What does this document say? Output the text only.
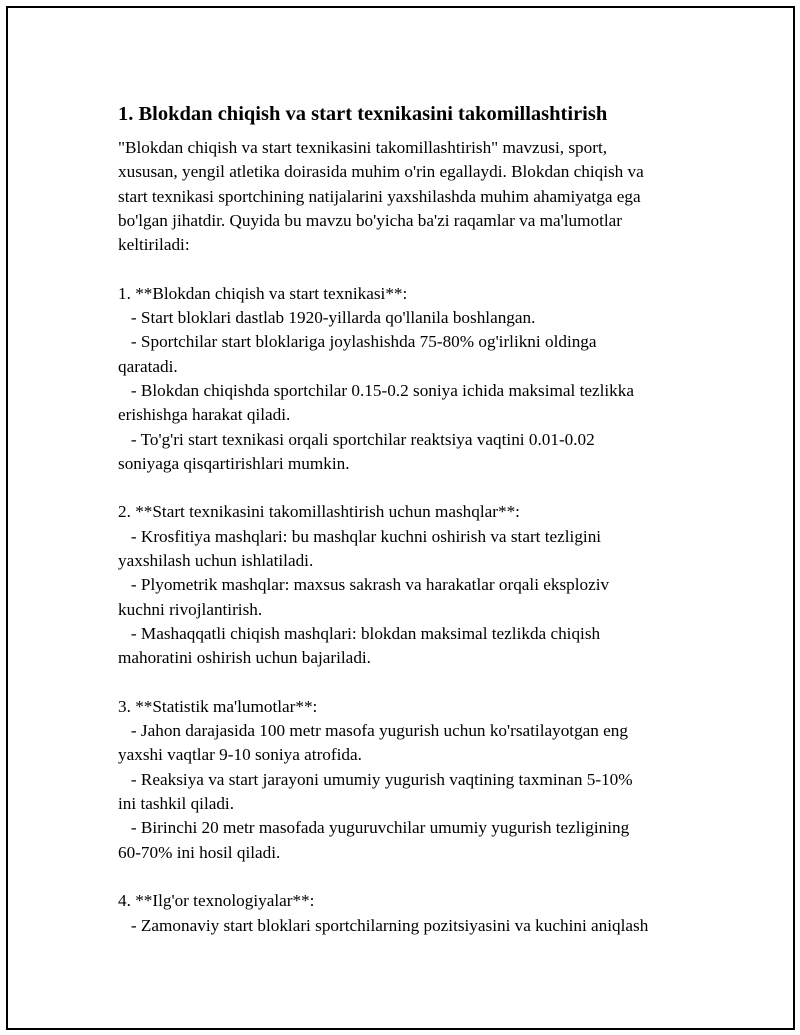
1. Blokdan chiqish va start texnikasini takomillashtirish
"Blokdan chiqish va start texnikasini takomillashtirish" mavzusi, sport,
xususan, yengil atletika doirasida muhim o'rin egallaydi. Blokdan chiqish va
start texnikasi sportchining natijalarini yaxshilashda muhim ahamiyatga ega
bo'lgan jihatdir. Quyida bu mavzu bo'yicha ba'zi raqamlar va ma'lumotlar
keltiriladi:
1. **Blokdan chiqish va start texnikasi**:
- Start bloklari dastlab 1920-yillarda qo'llanila boshlangan.
- Sportchilar start bloklariga joylashishda 75-80% og'irlikni oldinga
qaratadi.
- Blokdan chiqishda sportchilar 0.15-0.2 soniya ichida maksimal tezlikka
erishishga harakat qiladi.
- To'g'ri start texnikasi orqali sportchilar reaktsiya vaqtini 0.01-0.02
soniyaga qisqartirishlari mumkin.
2. **Start texnikasini takomillashtirish uchun mashqlar**:
- Krosfitiya mashqlari: bu mashqlar kuchni oshirish va start tezligini
yaxshilash uchun ishlatiladi.
- Plyometrik mashqlar: maxsus sakrash va harakatlar orqali eksploziv
kuchni rivojlantirish.
- Mashaqqatli chiqish mashqlari: blokdan maksimal tezlikda chiqish
mahoratini oshirish uchun bajariladi.
3. **Statistik ma'lumotlar**:
- Jahon darajasida 100 metr masofa yugurish uchun ko'rsatilayotgan eng
yaxshi vaqtlar 9-10 soniya atrofida.
- Reaksiya va start jarayoni umumiy yugurish vaqtining taxminan 5-10%
ini tashkil qiladi.
- Birinchi 20 metr masofada yuguruvchilar umumiy yugurish tezligining
60-70% ini hosil qiladi.
4. **Ilg'or texnologiyalar**:
- Zamonaviy start bloklari sportchilarning pozitsiyasini va kuchini aniqlash
